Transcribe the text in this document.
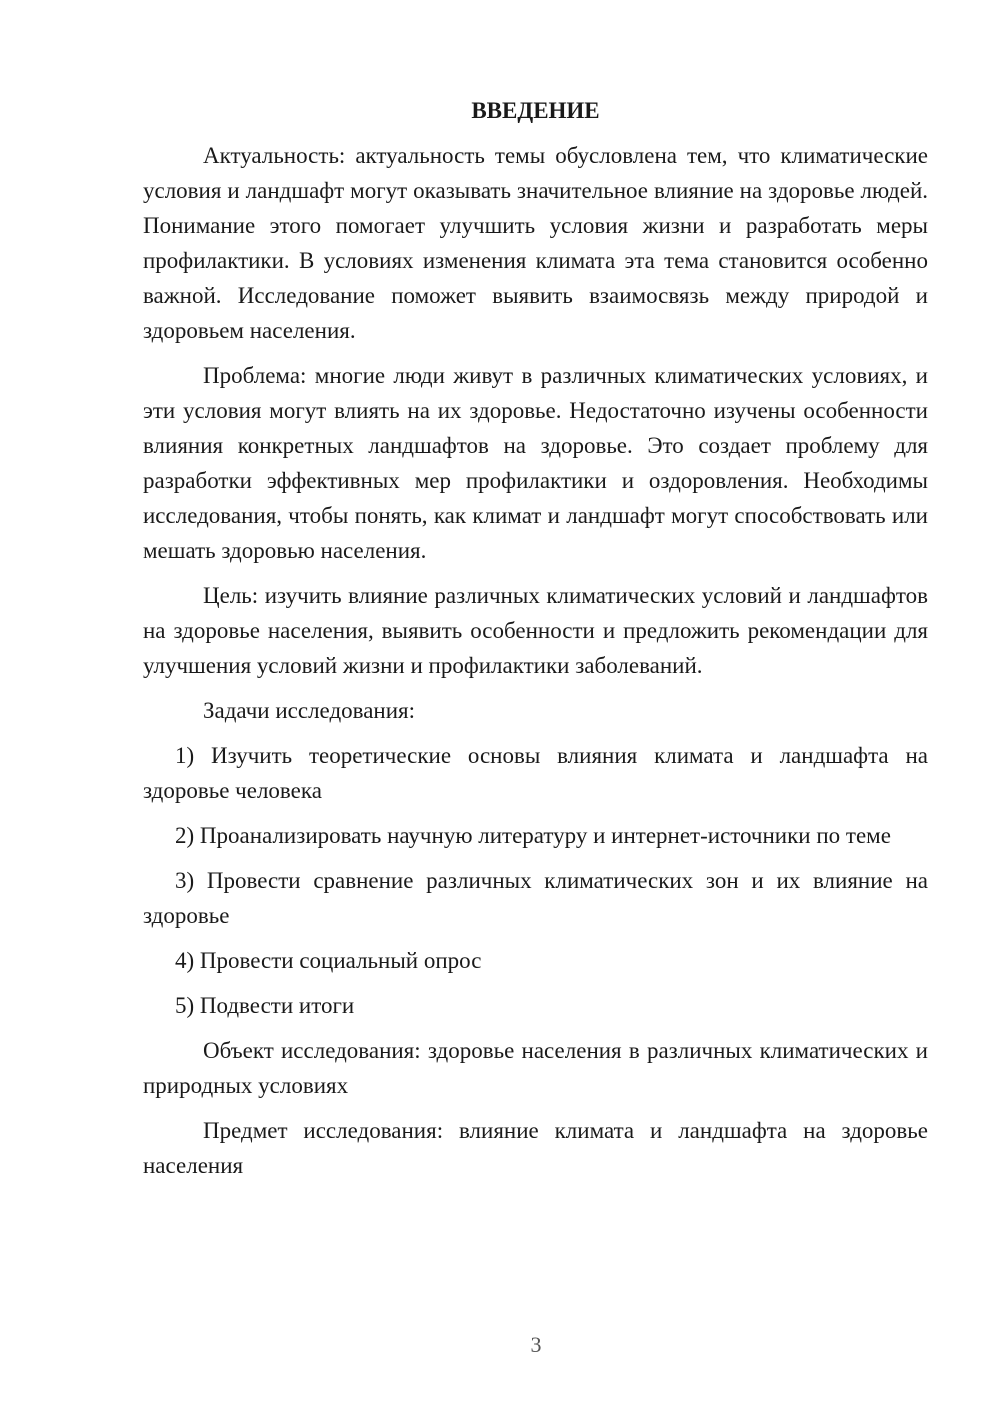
ВВЕДЕНИЕ

Актуальность: актуальность темы обусловлена тем, что климатические условия и ландшафт могут оказывать значительное влияние на здоровье людей. Понимание этого помогает улучшить условия жизни и разработать меры профилактики. В условиях изменения климата эта тема становится особенно важной. Исследование поможет выявить взаимосвязь между природой и здоровьем населения.

Проблема: многие люди живут в различных климатических условиях, и эти условия могут влиять на их здоровье. Недостаточно изучены особенности влияния конкретных ландшафтов на здоровье. Это создает проблему для разработки эффективных мер профилактики и оздоровления. Необходимы исследования, чтобы понять, как климат и ландшафт могут способствовать или мешать здоровью населения.

Цель: изучить влияние различных климатических условий и ландшафтов на здоровье населения, выявить особенности и предложить рекомендации для улучшения условий жизни и профилактики заболеваний.

Задачи исследования:

1) Изучить теоретические основы влияния климата и ландшафта на здоровье человека

2) Проанализировать научную литературу и интернет-источники по теме

3) Провести сравнение различных климатических зон и их влияние на здоровье

4) Провести социальный опрос

5) Подвести итоги

Объект исследования: здоровье населения в различных климатических и природных условиях

Предмет исследования: влияние климата и ландшафта на здоровье населения

3
